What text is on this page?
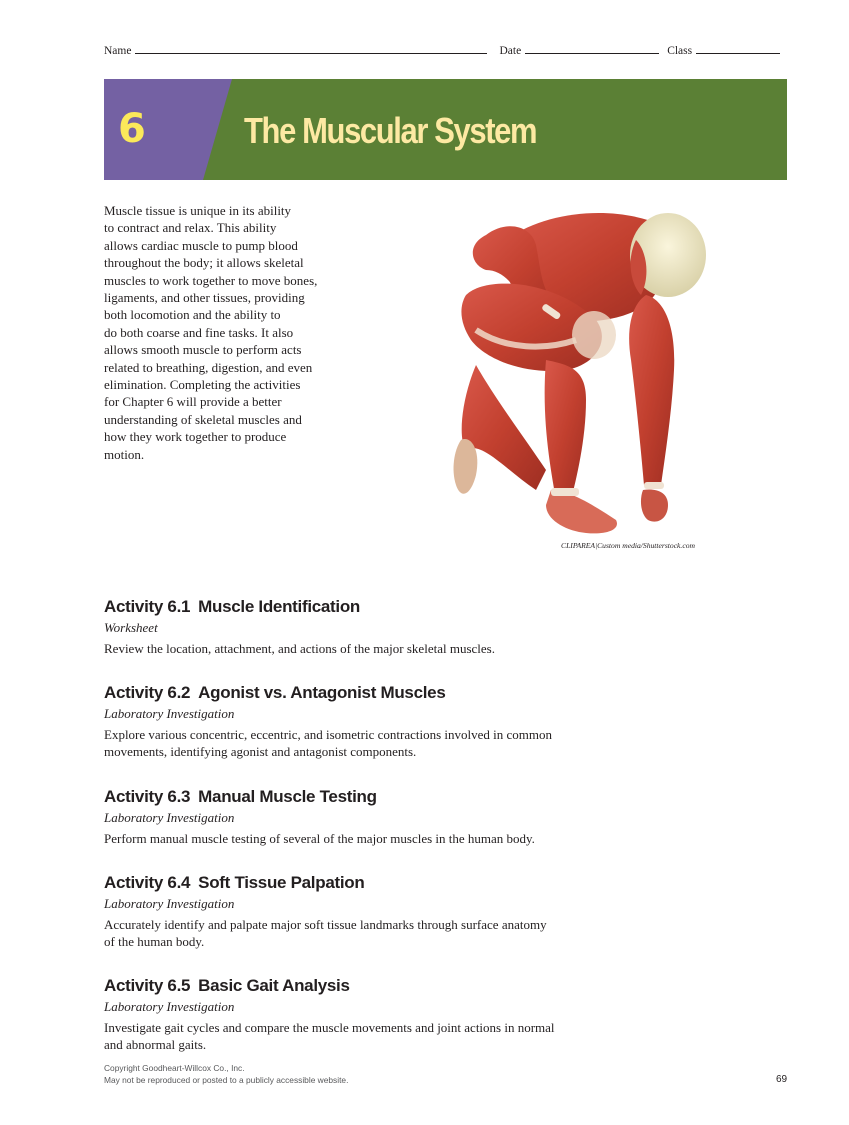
Name	Date	Class
6	The Muscular System
Muscle tissue is unique in its ability
to contract and relax. This ability
allows cardiac muscle to pump blood
throughout the body; it allows skeletal
muscles to work together to move bones,
ligaments, and other tissues, providing
both locomotion and the ability to
do both coarse and fine tasks. It also
allows smooth muscle to perform acts
related to breathing, digestion, and even
elimination. Completing the activities
for Chapter 6 will provide a better
understanding of skeletal muscles and
how they work together to produce
motion.
CLIPAREA|Custom media/Shutterstock.com
Activity 6.1 Muscle Identification
Worksheet
Review the location, attachment, and actions of the major skeletal muscles.
Activity 6.2 Agonist vs. Antagonist Muscles
Laboratory Investigation
Explore various concentric, eccentric, and isometric contractions involved in common
movements, identifying agonist and antagonist components.
Activity 6.3 Manual Muscle Testing
Laboratory Investigation
Perform manual muscle testing of several of the major muscles in the human body.
Activity 6.4 Soft Tissue Palpation
Laboratory Investigation
Accurately identify and palpate major soft tissue landmarks through surface anatomy
of the human body.
Activity 6.5 Basic Gait Analysis
Laboratory Investigation
Investigate gait cycles and compare the muscle movements and joint actions in normal
and abnormal gaits.
Copyright Goodheart-Willcox Co., Inc.
May not be reproduced or posted to a publicly accessible website.	69
